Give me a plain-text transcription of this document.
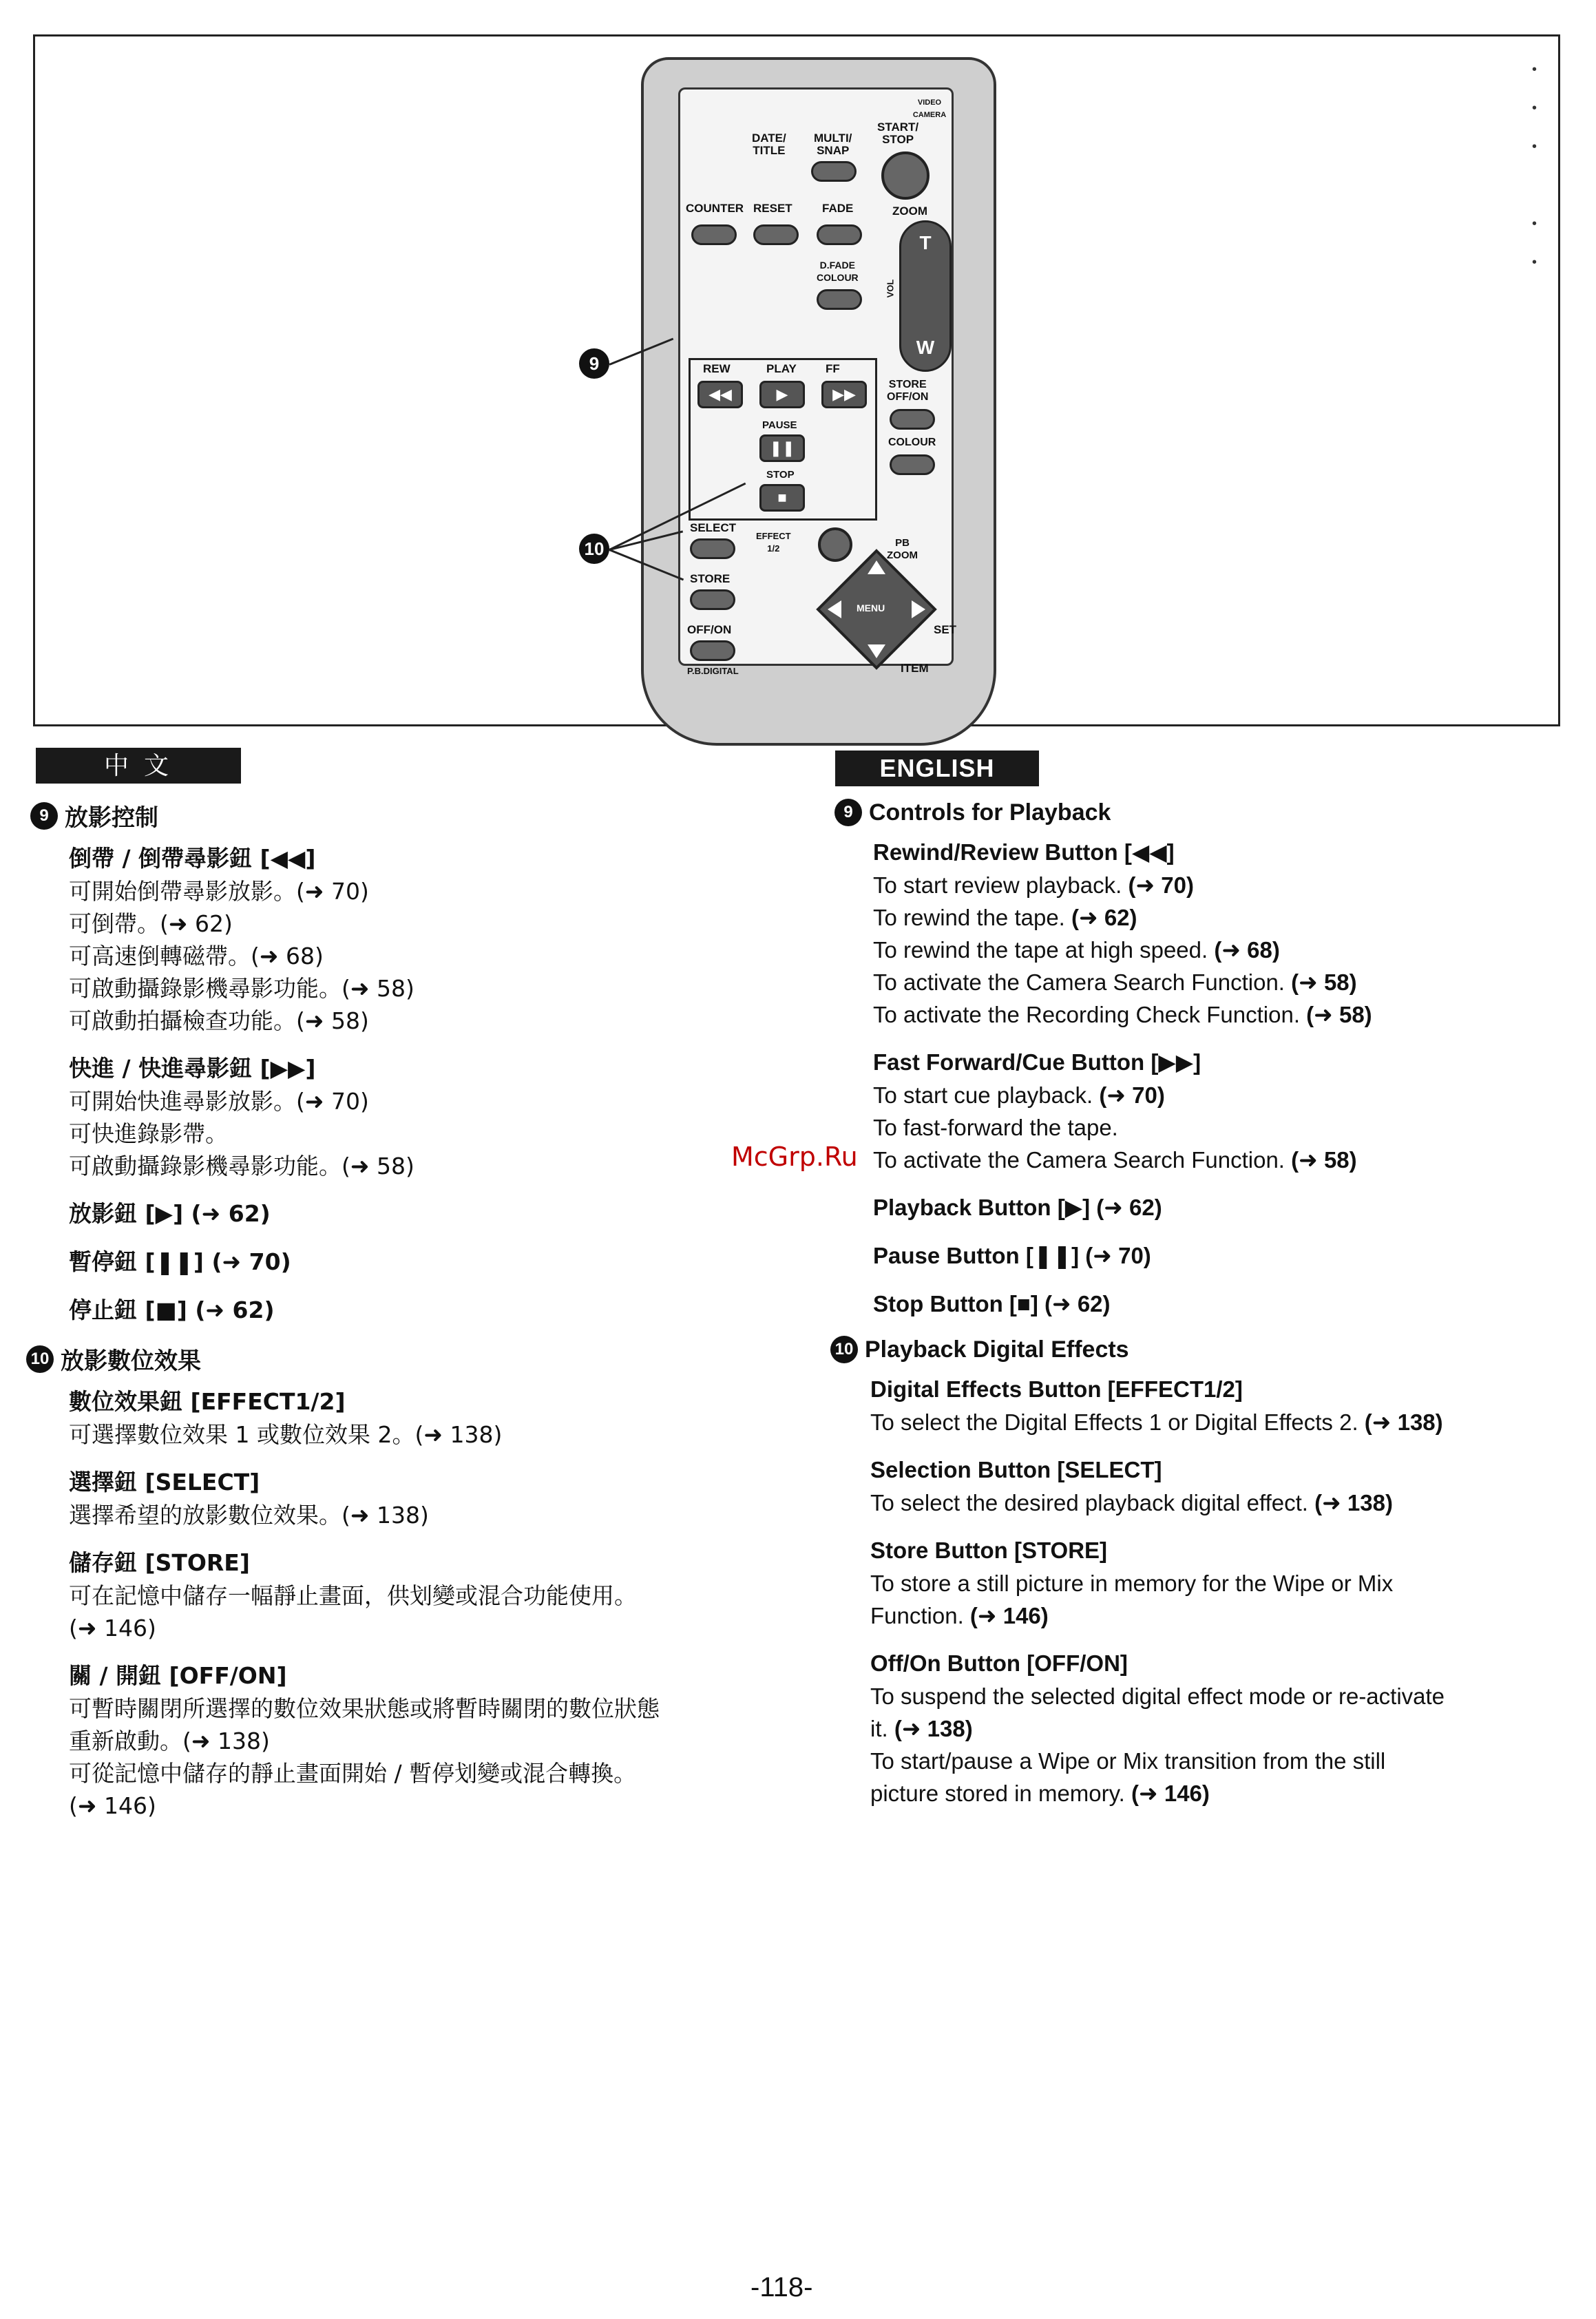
•
•
•

•
•
VIDEO CAMERA
DATE/
TITLE
MULTI/
SNAP
START/
STOP
COUNTER RESET	FADE	ZOOM
T
W
VOL
D.FADE
COLOUR
REW	PLAY FF
◀◀	▶	▶▶
PAUSE
❚❚
STOP
■
STORE
OFF/ON
COLOUR
SELECT
EFFECT
1/2	PB
ZOOM
STORE
OFF/ON
P.B.DIGITAL
MENU
SET
ITEM
9
10
中 文	ENGLISH
9 放影控制
倒帶 / 倒帶尋影鈕 [◀◀]
可開始倒帶尋影放影。(➜ 70)
可倒帶。(➜ 62)
可高速倒轉磁帶。(➜ 68)
可啟動攝錄影機尋影功能。(➜ 58)
可啟動拍攝檢查功能。(➜ 58)
快進 / 快進尋影鈕 [▶▶]
可開始快進尋影放影。(➜ 70)
可快進錄影帶。
可啟動攝錄影機尋影功能。(➜ 58)
放影鈕 [▶] (➜ 62)
暫停鈕 [❚❚] (➜ 70)
停止鈕 [■] (➜ 62)
10 放影數位效果
數位效果鈕 [EFFECT1/2]
可選擇數位效果 1 或數位效果 2。(➜ 138)
選擇鈕 [SELECT]
選擇希望的放影數位效果。(➜ 138)
儲存鈕 [STORE]
可在記憶中儲存一幅靜止畫面，供划變或混合功能使用。
(➜ 146)
關 / 開鈕 [OFF/ON]
可暫時關閉所選擇的數位效果狀態或將暫時關閉的數位狀態
重新啟動。(➜ 138)
可從記憶中儲存的靜止畫面開始 / 暫停划變或混合轉換。
(➜ 146)
9 Controls for Playback
Rewind/Review Button [◀◀]
To start review playback. (➜ 70)
To rewind the tape. (➜ 62)
To rewind the tape at high speed. (➜ 68)
To activate the Camera Search Function. (➜ 58)
To activate the Recording Check Function. (➜ 58)
Fast Forward/Cue Button [▶▶]
To start cue playback. (➜ 70)
To fast-forward the tape.
To activate the Camera Search Function. (➜ 58)
Playback Button [▶] (➜ 62)
Pause Button [❚❚] (➜ 70)
Stop Button [■] (➜ 62)
10 Playback Digital Effects
Digital Effects Button [EFFECT1/2]
To select the Digital Effects 1 or Digital Effects 2. (➜ 138)
Selection Button [SELECT]
To select the desired playback digital effect. (➜ 138)
Store Button [STORE]
To store a still picture in memory for the Wipe or Mix
Function. (➜ 146)
Off/On Button [OFF/ON]
To suspend the selected digital effect mode or re-activate
it. (➜ 138)
To start/pause a Wipe or Mix transition from the still
picture stored in memory. (➜ 146)
McGrp.Ru
-118-
